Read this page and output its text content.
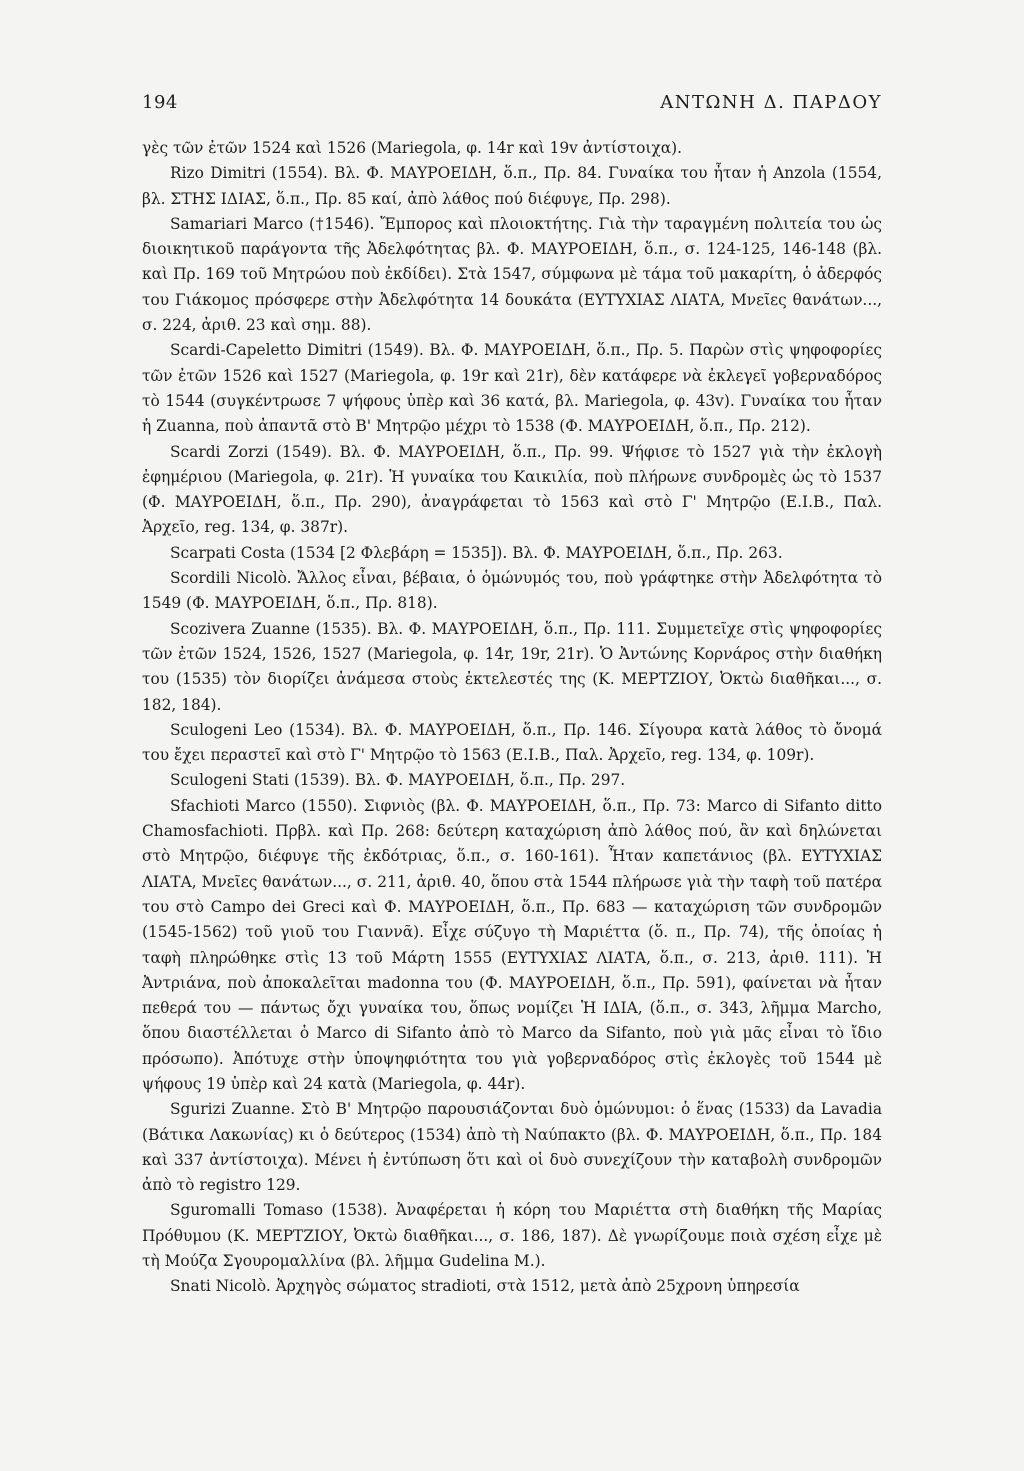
194	ΑΝΤΩΝΗ Δ. ΠΑΡΔΟΥ

γὲς τῶν ἐτῶν 1524 καὶ 1526 (Mariegola, φ. 14r καὶ 19v ἀντίστοιχα).

Rizo Dimitri (1554). Βλ. Φ. ΜΑΥΡΟΕΙΔΗ, ὅ.π., Πρ. 84. Γυναίκα του ἦταν ἡ Anzola (1554, βλ. ΣΤΗΣ ΙΔΙΑΣ, ὅ.π., Πρ. 85 καί, ἀπὸ λάθος πού διέφυγε, Πρ. 298).

Samariari Marco (†1546). Ἔμπορος καὶ πλοιοκτήτης. Γιὰ τὴν ταραγμένη πολιτεία του ὡς διοικητικοῦ παράγοντα τῆς Ἀδελφότητας βλ. Φ. ΜΑΥΡΟΕΙΔΗ, ὅ.π., σ. 124-125, 146-148 (βλ. καὶ Πρ. 169 τοῦ Μητρώου ποὺ ἐκδίδει). Στὰ 1547, σύμφωνα μὲ τάμα τοῦ μακαρίτη, ὁ ἀδερφός του Γιάκομος πρόσφερε στὴν Ἀδελφότητα 14 δουκάτα (ΕΥΤΥΧΙΑΣ ΛΙΑΤΑ, Μνεῖες θανάτων..., σ. 224, ἀριθ. 23 καὶ σημ. 88).

Scardi-Capeletto Dimitri (1549). Βλ. Φ. ΜΑΥΡΟΕΙΔΗ, ὅ.π., Πρ. 5. Παρὼν στὶς ψηφοφορίες τῶν ἐτῶν 1526 καὶ 1527 (Mariegola, φ. 19r καὶ 21r), δὲν κατάφερε νὰ ἐκλεγεῖ γοβερναδόρος τὸ 1544 (συγκέντρωσε 7 ψήφους ὑπὲρ καὶ 36 κατά, βλ. Mariegola, φ. 43v). Γυναίκα του ἦταν ἡ Zuanna, ποὺ ἀπαντᾶ στὸ Β' Μητρῷο μέχρι τὸ 1538 (Φ. ΜΑΥΡΟΕΙΔΗ, ὅ.π., Πρ. 212).

Scardi Zorzi (1549). Βλ. Φ. ΜΑΥΡΟΕΙΔΗ, ὅ.π., Πρ. 99. Ψήφισε τὸ 1527 γιὰ τὴν ἐκλογὴ ἐφημέριου (Mariegola, φ. 21r). Ἡ γυναίκα του Καικιλία, ποὺ πλήρωνε συνδρομὲς ὡς τὸ 1537 (Φ. ΜΑΥΡΟΕΙΔΗ, ὅ.π., Πρ. 290), ἀναγράφεται τὸ 1563 καὶ στὸ Γ' Μητρῷο (Ε.Ι.Β., Παλ. Ἀρχεῖο, reg. 134, φ. 387r).

Scarpati Costa (1534 [2 Φλεβάρη = 1535]). Βλ. Φ. ΜΑΥΡΟΕΙΔΗ, ὅ.π., Πρ. 263.

Scordili Nicolò. Ἄλλος εἶναι, βέβαια, ὁ ὁμώνυμός του, ποὺ γράφτηκε στὴν Ἀδελφότητα τὸ 1549 (Φ. ΜΑΥΡΟΕΙΔΗ, ὅ.π., Πρ. 818).

Scozivera Zuanne (1535). Βλ. Φ. ΜΑΥΡΟΕΙΔΗ, ὅ.π., Πρ. 111. Συμμετεῖχε στὶς ψηφοφορίες τῶν ἐτῶν 1524, 1526, 1527 (Mariegola, φ. 14r, 19r, 21r). Ὁ Ἀντώνης Κορνάρος στὴν διαθήκη του (1535) τὸν διορίζει ἀνάμεσα στοὺς ἐκτελεστές της (Κ. ΜΕΡΤΖΙΟΥ, Ὀκτὼ διαθῆκαι..., σ. 182, 184).

Sculogeni Leo (1534). Βλ. Φ. ΜΑΥΡΟΕΙΔΗ, ὅ.π., Πρ. 146. Σίγουρα κατὰ λάθος τὸ ὄνομά του ἔχει περαστεῖ καὶ στὸ Γ' Μητρῷο τὸ 1563 (Ε.Ι.Β., Παλ. Ἀρχεῖο, reg. 134, φ. 109r).

Sculogeni Stati (1539). Βλ. Φ. ΜΑΥΡΟΕΙΔΗ, ὅ.π., Πρ. 297.

Sfachioti Marco (1550). Σιφνιὸς (βλ. Φ. ΜΑΥΡΟΕΙΔΗ, ὅ.π., Πρ. 73: Marco di Sifanto ditto Chamosfachioti. Πρβλ. καὶ Πρ. 268: δεύτερη καταχώριση ἀπὸ λάθος πού, ἂν καὶ δηλώνεται στὸ Μητρῷο, διέφυγε τῆς ἐκδότριας, ὅ.π., σ. 160-161). Ἦταν καπετάνιος (βλ. ΕΥΤΥΧΙΑΣ ΛΙΑΤΑ, Μνεῖες θανάτων..., σ. 211, ἀριθ. 40, ὅπου στὰ 1544 πλήρωσε γιὰ τὴν ταφὴ τοῦ πατέρα του στὸ Campo dei Greci καὶ Φ. ΜΑΥΡΟΕΙΔΗ, ὅ.π., Πρ. 683 — καταχώριση τῶν συνδρομῶν (1545-1562) τοῦ γιοῦ του Γιαννᾶ). Εἶχε σύζυγο τὴ Μαριέττα (ὅ. π., Πρ. 74), τῆς ὁποίας ἡ ταφὴ πληρώθηκε στὶς 13 τοῦ Μάρτη 1555 (ΕΥΤΥΧΙΑΣ ΛΙΑΤΑ, ὅ.π., σ. 213, ἀριθ. 111). Ἡ Ἀντριάνα, ποὺ ἀποκαλεῖται madonna του (Φ. ΜΑΥΡΟΕΙΔΗ, ὅ.π., Πρ. 591), φαίνεται νὰ ἦταν πεθερά του — πάντως ὄχι γυναίκα του, ὅπως νομίζει Ἡ ΙΔΙΑ, (ὅ.π., σ. 343, λῆμμα Marcho, ὅπου διαστέλλεται ὁ Marco di Sifanto ἀπὸ τὸ Marco da Sifanto, ποὺ γιὰ μᾶς εἶναι τὸ ἴδιο πρόσωπο). Ἀπότυχε στὴν ὑποψηφιότητα του γιὰ γοβερναδόρος στὶς ἐκλογὲς τοῦ 1544 μὲ ψήφους 19 ὑπὲρ καὶ 24 κατὰ (Mariegola, φ. 44r).

Sgurizi Zuanne. Στὸ Β' Μητρῷο παρουσιάζονται δυὸ ὁμώνυμοι: ὁ ἕνας (1533) da Lavadia (Βάτικα Λακωνίας) κι ὁ δεύτερος (1534) ἀπὸ τὴ Ναύπακτο (βλ. Φ. ΜΑΥΡΟΕΙΔΗ, ὅ.π., Πρ. 184 καὶ 337 ἀντίστοιχα). Μένει ἡ ἐντύπωση ὅτι καὶ οἱ δυὸ συνεχίζουν τὴν καταβολὴ συνδρομῶν ἀπὸ τὸ registro 129.

Sguromalli Tomaso (1538). Ἀναφέρεται ἡ κόρη του Μαριέττα στὴ διαθήκη τῆς Μαρίας Πρόθυμου (Κ. ΜΕΡΤΖΙΟΥ, Ὀκτὼ διαθῆκαι..., σ. 186, 187). Δὲ γνωρίζουμε ποιὰ σχέση εἶχε μὲ τὴ Μούζα Σγουρομαλλίνα (βλ. λῆμμα Gudelina M.).

Snati Nicolò. Ἀρχηγὸς σώματος stradioti, στὰ 1512, μετὰ ἀπὸ 25χρονη ὑπηρεσία
